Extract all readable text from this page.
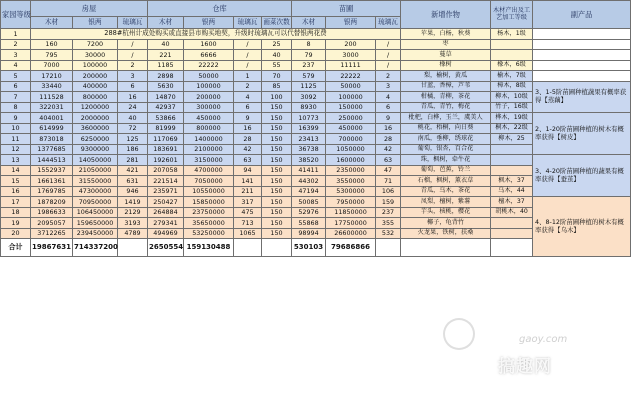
家园等级	房屋			仓库				苗圃			新增作物	木材产出及工艺加工等级	副产品	
	木材	银两	琉璃瓦	木材	银两	琉璃瓦	画菜次数	木材	银两	琉璃瓦				
1	288#杭州计成处购买或直接县市购买地契，升级时琉璃瓦可以代替银两花费										苹果，白杨，秋葵	杨木，1级		
2	160	7200	/	40	1600	/	25	8	200	/	枣			
3	795	30000	/	221	6666	/	40	79	3000	/	蔓草			
4	7000	100000	2	1185	22222	/	55	237	11111	/	橡树	橡木，6级		
5	17210	200000	3	2898	50000	1	70	579	22222	2	梨，榆树，黄瓜	榆木，7级		
6	33440	400000	6	5630	100000	2	85	1125	50000	3	甘蓝，香樟，芦苇	樟木，8级	3、1-5阶苗圃种植蔬果有概率获得【蒸藕】	
7	111528	800000	16	14870	200000	4	100	3092	100000	4	柑橘，青柳，茶花	柳木，10级		
8	322031	1200000	24	42937	300000	6	150	8930	150000	6	青瓜，青竹，梅花	竹子，16级		
9	404001	2000000	40	53866	450000	9	150	10773	250000	9	枇杷，白桦，玉兰，虞美人	桦木，19级	2、1-20阶苗圃种植的树木有概率获得【树皮】	
10	614999	3600000	72	81999	800000	16	150	16399	450000	16	桃花，梧桐，向日葵	桐木，22级		
11	873018	6250000	125	117069	1400000	28	150	23413	700000	28	南瓜，垂柳，绣球花	柳木，25		
12	1377685	9300000	186	183691	2100000	42	150	36738	1050000	42	葡萄，银杏，百合花			
13	1444513	14050000	281	192601	3150000	63	150	38520	1600000	63	珠，枫树，牵牛花		3、4-20阶苗圃种植的蔬果有概率获得【蚕茧】	
14	1552937	21050000	421	207058	4700000	94	150	41411	2350000	47	葡萄，芭蕉，铃兰			
15	1661361	31550000	631	221514	7050000	141	150	44302	3550000	71	石榴，枫树，薰衣草	枫木，37		
16	1769785	47300000	946	235971	10550000	211	150	47194	5300000	106	青瓜，乌木，茶花	乌木，44		
17	1878209	70950000	1419	250427	15850000	317	150	50085	7950000	159	凤梨，檀树，紫薯	檀木，37	4、8-12阶苗圃种植的树木有概率获得【乌木】	
18	1986633	106450000	2129	264884	23750000	475	150	52976	11850000	237	芋头，核桃，樱花	胡桃木，40		
19	2095057	159650000	3193	279341	35650000	713	150	55868	17750000	355	椰子，龟背竹			
20	3712265	239450000	4789	494969	53250000	1065	150	98994	26600000	532	火龙果，铁树，扶桑			
合计	19867631	714337200		2650554	159130488			530103	79686866					
gaoy.com
搞趣网
